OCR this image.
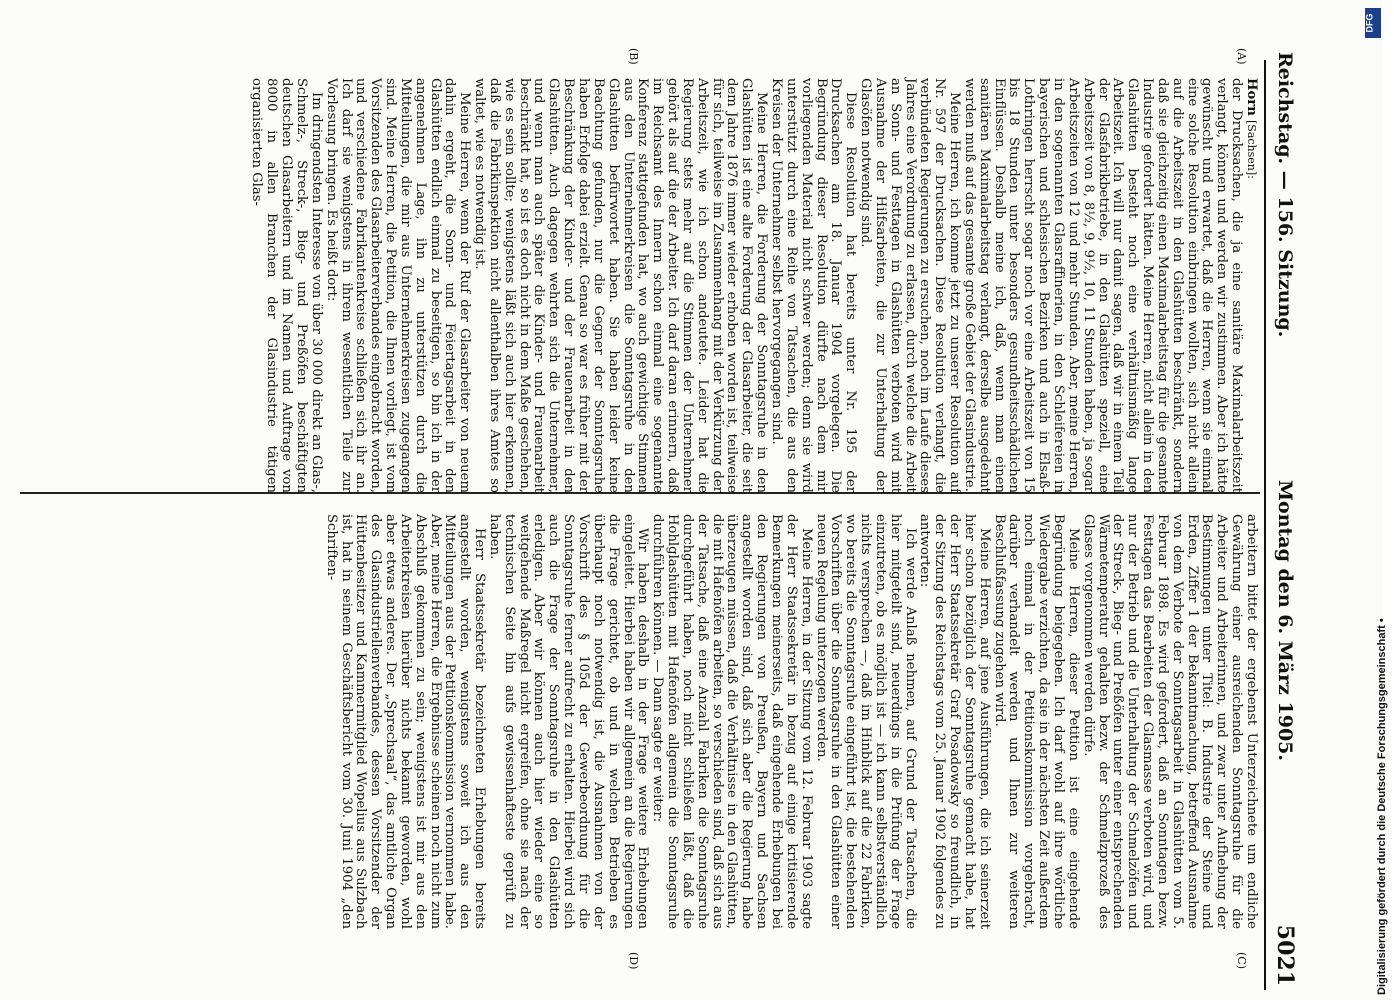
Reichstag. — 156. Sitzung.
Montag den 6. März 1905.
5021
(A)
(B)
(C)
(D)

Horn [Sachsen]:

der Drucksachen, die ja eine sanitäre Maximalarbeitszeit verlangt, können und werden wir zustimmen. Aber ich hätte gewünscht und erwartet, daß die Herren, wenn sie einmal eine solche Resolution einbringen wollten, sich nicht allein auf die Arbeitszeit in den Glashütten beschränkt, sondern daß sie gleichzeitig einen Maximalarbeitstag für die gesamte Industrie gefordert hätten. Meine Herren, nicht allein in den Glashütten besteht noch eine verhältnismäßig lange Arbeitszeit. Ich will nur damit sagen, daß wir in einem Teil der Glasfabrikbetriebe, in den Glashütten speziell, eine Arbeitszeit von 8, 8½, 9, 9½, 10, 11 Stunden haben, ja sogar Arbeitszeiten von 12 und mehr Stunden. Aber, meine Herren, in den sogenannten Glasraffinerien, in den Schleifereien in bayerischen und schlesischen Bezirken und auch in Elsaß-Lothringen herrscht sogar noch vor eine Arbeitszeit von 15 bis 18 Stunden unter besonders gesundheitsschädlichen Einflüssen. Deshalb meine ich, daß, wenn man einen sanitären Maximalarbeitstag verlangt, derselbe ausgedehnt werden muß auf das gesamte große Gebiet der Glasindustrie.

Meine Herren, ich komme jetzt zu unserer Resolution auf Nr. 597 der Drucksachen. Diese Resolution verlangt, die verbündeten Regierungen zu ersuchen, noch im Laufe dieses Jahres eine Verordnung zu erlassen, durch welche die Arbeit an Sonn- und Festtagen in Glashütten verboten wird mit Ausnahme der Hilfsarbeiten, die zur Unterhaltung der Glasöfen notwendig sind.

Diese Resolution hat bereits unter Nr. 195 der Drucksachen am 18. Januar 1904 vorgelegen. Die Begründung dieser Resolution dürfte nach dem mir vorliegenden Material nicht schwer werden; denn sie wird unterstützt durch eine Reihe von Tatsachen, die aus den Kreisen der Unternehmer selbst hervorgegangen sind.

Meine Herren, die Forderung der Sonntagsruhe in den Glashütten ist eine alte Forderung der Glasarbeiter, die seit dem Jahre 1876 immer wieder erhoben worden ist, teilweise für sich, teilweise im Zusammenhang mit der Verkürzung der Arbeitszeit, wie ich schon andeutete. Leider hat die Regierung stets mehr auf die Stimmen der Unternehmer gehört als auf die der Arbeiter. Ich darf daran erinnern, daß im Reichsamt des Innern schon einmal eine sogenannte Konferenz stattgefunden hat, wo auch gewichtige Stimmen aus den Unternehmerkreisen die Sonntagsruhe in den Glashütten befürwortet haben. Sie haben leider keine Beachtung gefunden, nur die Gegner der Sonntagsruhe haben Erfolge dabei erzielt. Genau so war es früher mit der Beschränkung der Kinder- und der Frauenarbeit in den Glashütten. Auch dagegen wehrten sich die Unternehmer, und wenn man auch später die Kinder- und Frauenarbeit beschränkt hat, so ist es doch nicht in dem Maße geschehen, wie es sein sollte; wenigstens läßt sich auch hier erkennen, daß die Fabrikinspektion nicht allenthalben ihres Amtes so waltet, wie es notwendig ist.

Meine Herren, wenn der Ruf der Glasarbeiter von neuem dahin ergeht, die Sonn- und Feiertagsarbeit in den Glashütten endlich einmal zu beseitigen, so bin ich in der angenehmen Lage, ihn zu unterstützen durch die Mitteilungen, die mir aus Unternehmerkreisen zugegangen sind. Meine Herren, die Petition, die Ihnen vorliegt, ist vom Vorsitzenden des Glasarbeiterverbandes eingebracht worden, und verschiedene Fabrikantenkreise schließen sich ihr an. Ich darf sie wenigstens in ihrem wesentlichen Teile zur Vorlesung bringen. Es heißt dort:

Im dringendsten Interesse von über 30 000 direkt an Glas-, Schmelz-, Streck-, Bieg- und Preßöfen beschäftigten deutschen Glasarbeitern und im Namen und Auftrage von 8000 in allen Branchen der Glasindustrie tätigen organisierten Glas-

arbeitern bittet der ergebenst Unterzeichnete um endliche Gewährung einer ausreichenden Sonntagsruhe für die Arbeiter und Arbeiterinnen, und zwar unter Aufhebung der Bestimmungen unter Titel: B. Industrie der Steine und Erden, Ziffer 1 der Bekanntmachung, betreffend Ausnahme von dem Verbote der Sonntagsarbeit in Glashütten vom 5. Februar 1898. Es wird gefordert, daß an Sonntagen bezw. Festtagen das Bearbeiten der Glasmasse verboten wird, und nur der Betrieb und die Unterhaltung der Schmelzöfen und der Streck-, Bieg- und Preßöfen unter einer entsprechenden Wärmetemperatur gehalten bezw. der Schmelzprozeß des Glases vorgenommen werden dürfe.

Meine Herren, dieser Petition ist eine eingehende Begründung beigegeben. Ich darf wohl auf ihre wörtliche Wiedergabe verzichten, da sie in der nächsten Zeit außerdem noch einmal in der Petitionskommission vorgebracht, darüber verhandelt werden und Ihnen zur weiteren Beschlußfassung zugehen wird.

Meine Herren, auf jene Ausführungen, die ich seinerzeit hier schon bezüglich der Sonntagsruhe gemacht habe, hat der Herr Staatssekretär Graf Posadowsky so freundlich, in der Sitzung des Reichstags vom 25. Januar 1902 folgendes zu antworten:

Ich werde Anlaß nehmen, auf Grund der Tatsachen, die hier mitgeteilt sind, neuerdings in die Prüfung der Frage einzutreten, ob es möglich ist — ich kann selbstverständlich nichts versprechen —, daß im Hinblick auf die 22 Fabriken, wo bereits die Sonntagsruhe eingeführt ist, die bestehenden Vorschriften über die Sonntagsruhe in den Glashütten einer neuen Regelung unterzogen werden.

Meine Herren, in der Sitzung vom 12. Februar 1903 sagte der Herr Staatssekretär in bezug auf einige kritisierende Bemerkungen meinerseits, daß eingehende Erhebungen bei den Regierungen von Preußen, Bayern und Sachsen angestellt worden sind, daß sich aber die Regierung habe überzeugen müssen, daß die Verhältnisse in den Glashütten, die mit Hafenöfen arbeiten, so verschieden sind, daß sich aus der Tatsache, daß eine Anzahl Fabriken die Sonntagsruhe durchgeführt haben, noch nicht schließen läßt, daß die Hohlglashütten mit Hafenöfen allgemein die Sonntagsruhe durchführen können. — Dann sagte er weiter:

Wir haben deshalb in der Frage weitere Erhebungen eingeleitet. Hierbei haben wir allgemein an die Regierungen die Frage gerichtet, ob und in welchen Betrieben es überhaupt noch notwendig ist, die Ausnahmen von der Vorschrift des § 105d der Gewerbeordnung für die Sonntagsruhe ferner aufrecht zu erhalten. Hierbei wird sich auch die Frage der Sonntagsruhe in den Glashütten erledigen. Aber wir können auch hier wieder eine so weitgehende Maßregel nicht ergreifen, ohne sie nach der technischen Seite hin aufs gewissenhafteste geprüft zu haben.

Herr Staatssekretär bezeichneten Erhebungen bereits angestellt worden, wenigstens soweit ich aus den Mitteilungen aus der Petitionskommission vernommen habe. Aber, meine Herren, die Ergebnisse scheinen noch nicht zum Abschluß gekommen zu sein; wenigstens ist mir aus den Arbeiterkreisen hierüber nichts bekannt geworden, wohl aber etwas anderes. Der „Sprechsaal“, das amtliche Organ des Glasindustriellenverbandes, dessen Vorsitzender der Hüttenbesitzer und Kammermitglied Wopelius aus Sulzbach ist, hat in seinem Geschäftsbericht vom 30. Juni 1904 „den Schriften-

Digitalisierung gefördert durch die Deutsche Forschungsgemeinschaft •
DFG
